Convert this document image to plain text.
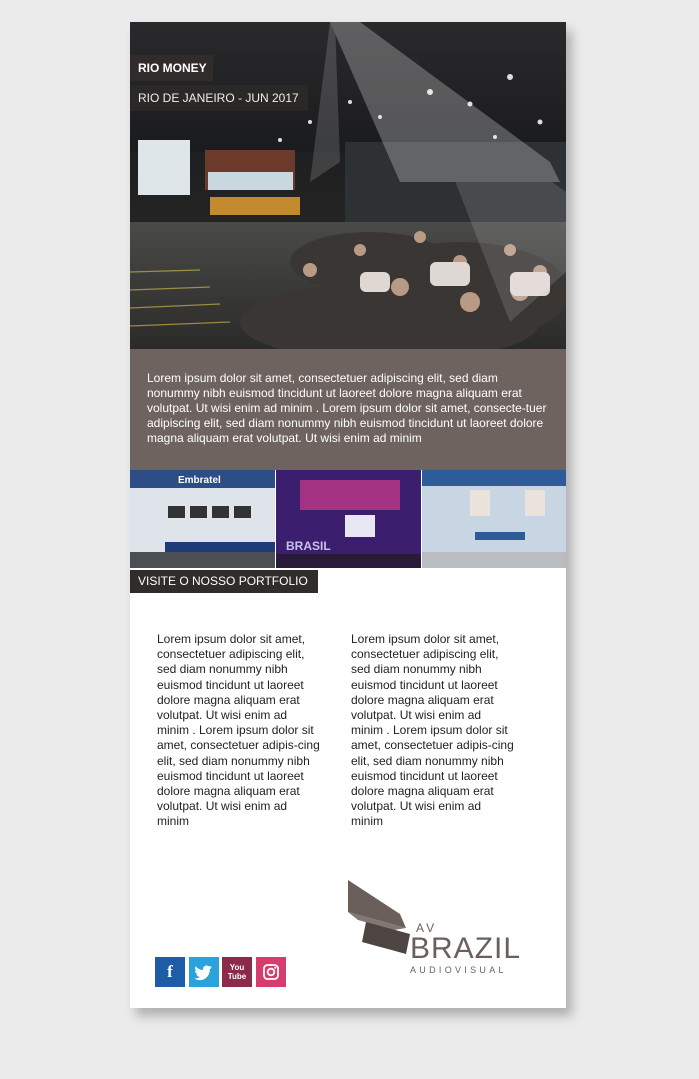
RIO MONEY
RIO DE JANEIRO - JUN 2017

Lorem ipsum dolor sit amet, consectetuer adipiscing elit, sed diam nonummy nibh euismod tincidunt ut laoreet dolore magna aliquam erat volutpat. Ut wisi enim ad minim . Lorem ipsum dolor sit amet, consecte-tuer adipiscing elit, sed diam nonummy nibh euismod tincidunt ut laoreet dolore magna aliquam erat volutpat. Ut wisi enim ad minim

Embratel
BRASIL
VISITE O NOSSO PORTFOLIO

Lorem ipsum dolor sit amet, consectetuer adipiscing elit, sed diam nonummy nibh euismod tincidunt ut laoreet dolore magna aliquam erat volutpat. Ut wisi enim ad minim . Lorem ipsum dolor sit amet, consectetuer adipis-cing elit, sed diam nonummy nibh euismod tincidunt ut laoreet dolore magna aliquam erat volutpat. Ut wisi enim ad minim

Lorem ipsum dolor sit amet, consectetuer adipiscing elit, sed diam nonummy nibh euismod tincidunt ut laoreet dolore magna aliquam erat volutpat. Ut wisi enim ad minim . Lorem ipsum dolor sit amet, consectetuer adipis-cing elit, sed diam nonummy nibh euismod tincidunt ut laoreet dolore magna aliquam erat volutpat. Ut wisi enim ad minim

f	You Tube
AV
BRAZIL
AUDIOVISUAL
